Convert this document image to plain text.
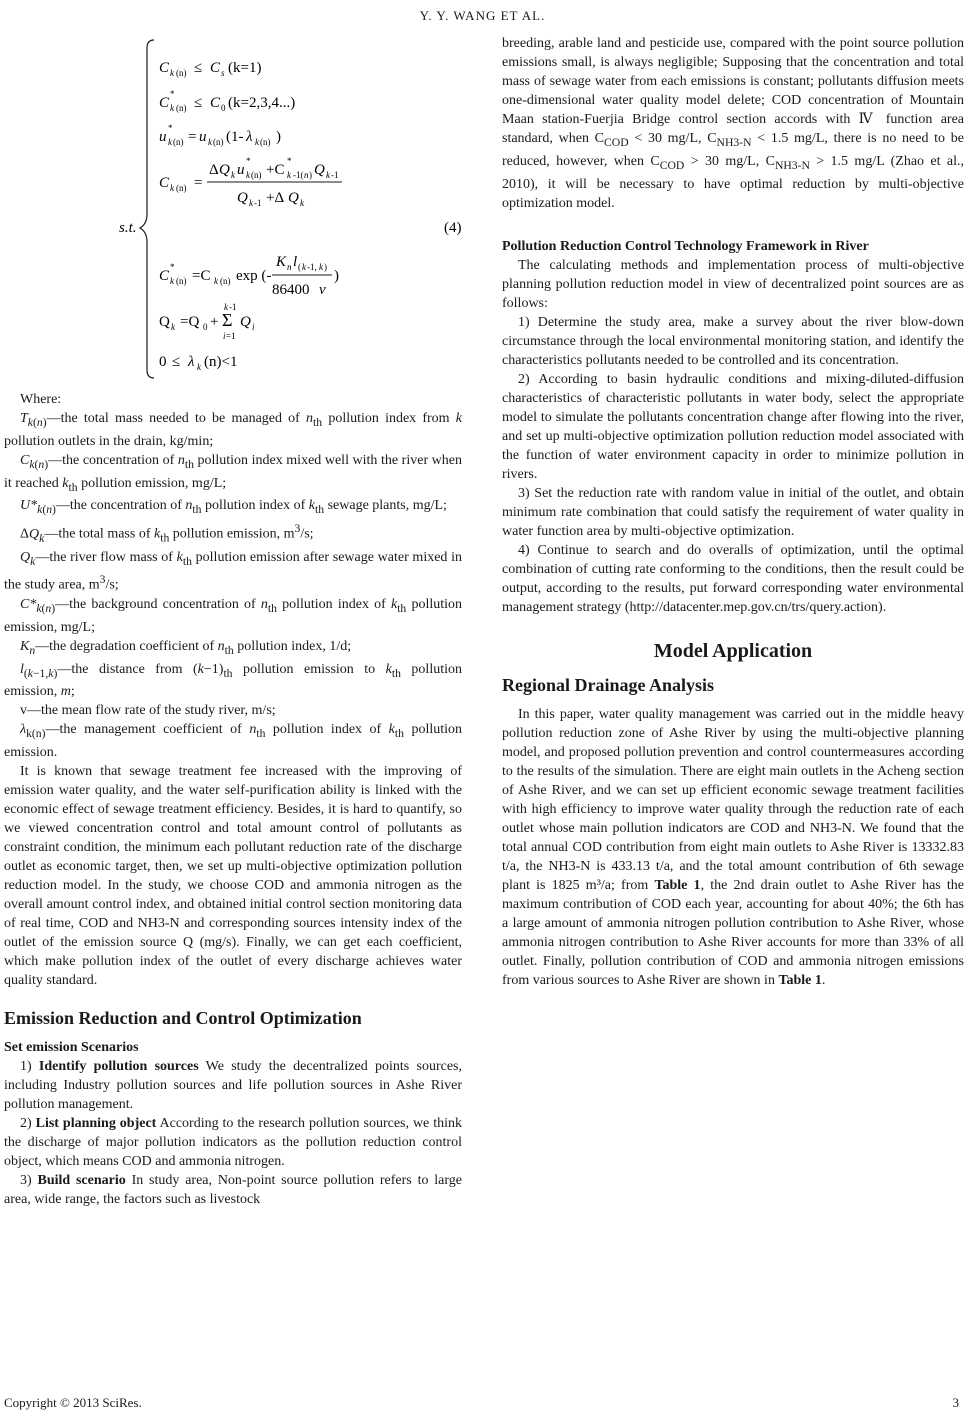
Y. Y. WANG ET AL.
s.t.	(4)
C k (n) ≤ C s (k=1)
C
*
k (n) ≤ C 0 (k=2,3,4...)
u
*
k (n) = u k (n) (1- λ k (n) )
C k (n) =
Δ Q k u
*
k (n) +C
*
k -1( n ) Q k -1
Q k -1 +Δ Q k
C
*
k (n) =C k (n) exp (-
K n l ( k -1, k )
86400 v
)
Q k =Q 0 + Σ
k -1
i =1
Q i
0 ≤ λ k (n)<1

Where:

$T_{k(n)}—the$ total mass needed to be managed of $n_{th}$ pollution index from k pollution outlets in the drain, kg/min;

$C_{k(n)}—the$ concentration of $n_{th}$ pollution index mixed well with the river when it reached $k_{th}$ pollution emission, mg/L;

$U*_{k(n)}—the$ concentration of $n_{th}$ pollution index of $k_{th}$ sewage plants, mg/L;

$\Delta Q_k—the$ total mass of $k_{th}$ pollution emission, $m^3/s$;

$Q_k—the$ river flow mass of $k_{th}$ pollution emission after sewage water mixed in the study area, $m^3/s$;

$C*_{k(n)}—the$ background concentration of $n_{th}$ pollution index of $k_{th}$ pollution emission, mg/L;

$K_n—the$ degradation coefficient of $n_{th}$ pollution index, 1/d;

$l_{(k-1,k)}—the$ distance from $(k-1)_{th}$ pollution emission to $k_{th}$ pollution emission, m;

v—the mean flow rate of the study river, m/s;

$\lambda_{k(n)}—the$ management coefficient of $n_{th}$ pollution index of $k_{th}$ pollution emission.

It is known that sewage treatment fee increased with the improving of emission water quality, and the water self-purification ability is linked with the economic effect of sewage treatment efficiency. Besides, it is hard to quantify, so we viewed concentration control and total amount control of pollutants as constraint condition, the minimum each pollutant reduction rate of the discharge outlet as economic target, then, we set up multi-objective optimization pollution reduction model. In the study, we choose COD and ammonia nitrogen as the overall amount control index, and obtained initial control section monitoring data of real time, COD and NH3-N and corresponding sources intensity index of the outlet of the emission source Q (mg/s). Finally, we can get each coefficient, which make pollution index of the outlet of every discharge achieves water quality standard.

Emission Reduction and Control Optimization

Set emission Scenarios

1) Identify pollution sources We study the decentralized points sources, including Industry pollution sources and life pollution sources in Ashe River pollution management.

2) List planning object According to the research pollution sources, we think the discharge of major pollution indicators as the pollution reduction control object, which means COD and ammonia nitrogen.

3) Build scenario In study area, Non-point source pollution refers to large area, wide range, the factors such as livestock

breeding, arable land and pesticide use, compared with the point source pollution emissions small, is always negligible; Supposing that the concentration and total mass of sewage water from each emissions is constant; pollutants diffusion meets one-dimensional water quality model delete; COD concentration of Mountain Maan station-Fuerjia Bridge control section accords with Ⅳ function area standard, when $C_{COD} < 30$ mg/L, $C_{NH3-N} < 1.5$ mg/L, there is no need to be reduced, however, when $C_{COD} > 30$ mg/L, $C_{NH3-N} > 1.5$ mg/L (Zhao et al., 2010), it will be necessary to have optimal reduction by multi-objective optimization model.

Pollution Reduction Control Technology Framework in River

The calculating methods and implementation process of multi-objective planning pollution reduction model in view of decentralized point sources are as follows:

1) Determine the study area, make a survey about the river blow-down circumstance through the local environmental monitoring station, and identify the characteristics pollutants needed to be controlled and its concentration.

2) According to basin hydraulic conditions and mixing-diluted-diffusion characteristics of characteristic pollutants in water body, select the appropriate model to simulate the pollutants concentration change after flowing into the river, and set up multi-objective optimization pollution reduction model associated with the function of water environment capacity in order to minimize pollution in rivers.

3) Set the reduction rate with random value in initial of the outlet, and obtain minimum rate combination that could satisfy the requirement of water quality in water function area by multi-objective optimization.

4) Continue to search and do overalls of optimization, until the optimal combination of cutting rate conforming to the conditions, then the result could be output, according to the results, put forward corresponding water environmental management strategy (http://datacenter.mep.gov.cn/trs/query.action).

Model Application

Regional Drainage Analysis

In this paper, water quality management was carried out in the middle heavy pollution reduction zone of Ashe River by using the multi-objective planning model, and proposed pollution prevention and control countermeasures according to the results of the simulation. There are eight main outlets in the Acheng section of Ashe River, and we can set up efficient economic sewage treatment facilities with high efficiency to improve water quality through the reduction rate of each outlet whose main pollution indicators are COD and NH3-N. We found that the total annual COD contribution from eight main outlets to Ashe River is 13332.83 t/a, the NH3-N is 433.13 t/a, and the total amount contribution of 6th sewage plant is 1825 m³/a; from Table 1, the 2nd drain outlet to Ashe River has the maximum contribution of COD each year, accounting for about 40%; the 6th has a large amount of ammonia nitrogen pollution contribution to Ashe River, whose ammonia nitrogen contribution to Ashe River accounts for more than 33% of all outlet. Finally, pollution contribution of COD and ammonia nitrogen emissions from various sources to Ashe River are shown in Table 1.

Copyright © 2013 SciRes.	3
